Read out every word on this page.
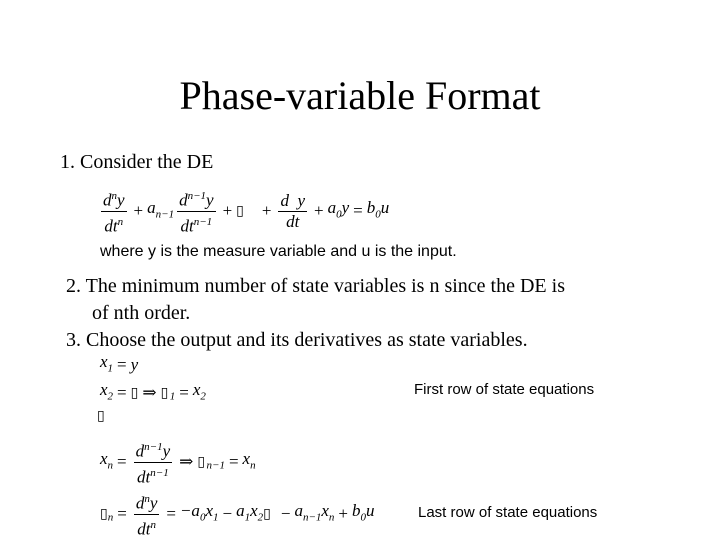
Phase-variable Format
1. Consider the DE
$\frac{d^ny}{dt^n} + a_{n-1} \frac{d^{n-1}y}{dt^{n-1}}$ + ▯ + $\frac{\text{d  y}}{dt} + a_0y = b_0u$
where y is the measure variable and u is the input.
2. The minimum number of state variables is n since the DE is
of nth order.
3. Choose the output and its derivatives as state variables.
$x_1 = y$
$x_2$ = ▯ ⇒ ▯
  $_1 = x_2$	First row of state equations
▯
$x_n = \frac{d^{n-1}y}{dt^{n-1}}$ ⇒ ▯
  $_{n-1} = x_n$
▯ $_n = \frac{d^ny}{dt^n} = -a_0x_1 - a_1x_2$ ▯ − $a_{n-1}x_n + b_0u$	Last row of state equations
